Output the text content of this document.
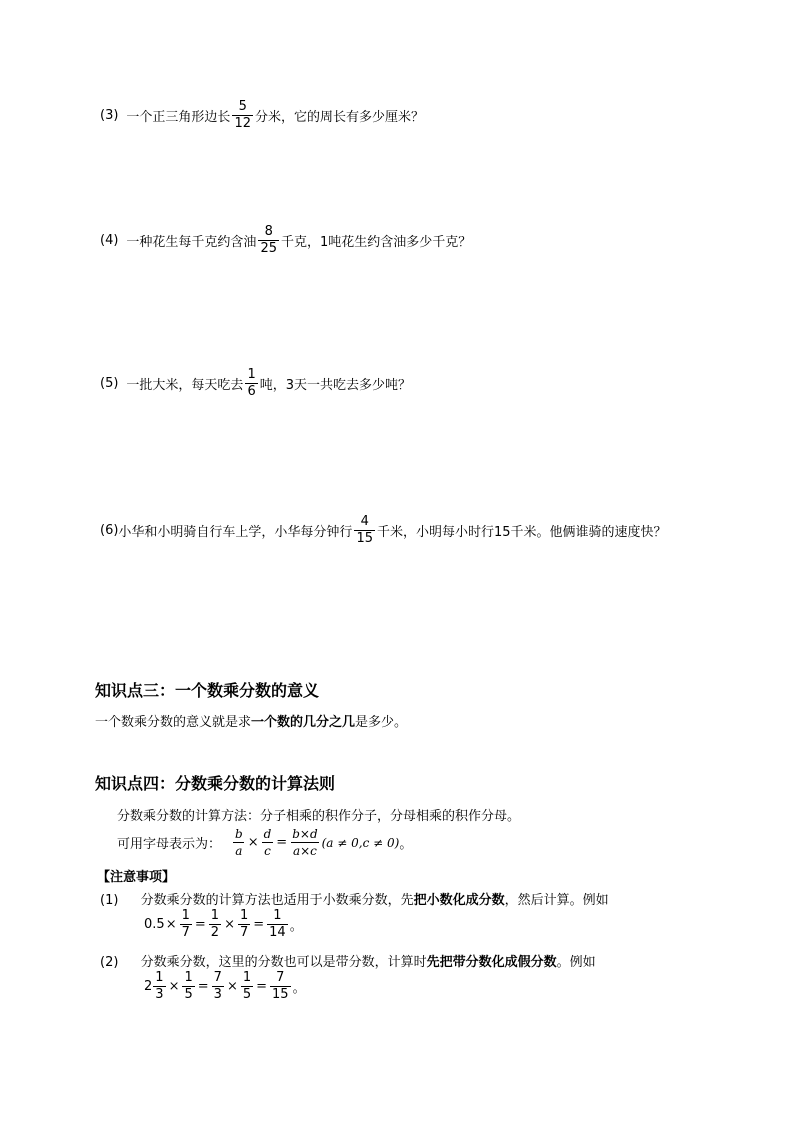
(3) 一个正三角形边长 $\frac{5}{12}$ 分米，它的周长有多少厘米？
(4) 一种花生每千克约含油 $\frac{8}{25}$ 千克，1吨花生约含油多少千克？
(5) 一批大米，每天吃去 $\frac{1}{6}$ 吨，3天一共吃去多少吨？
(6) 小华和小明骑自行车上学，小华每分钟行 $\frac{4}{15}$ 千米，小明每小时行15千米。他俩谁骑的速度快？
知识点三：一个数乘分数的意义
一个数乘分数的意义就是求一个数的几分之几是多少。
知识点四：分数乘分数的计算法则
分数乘分数的计算方法：分子相乘的积作分子，分母相乘的积作分母。
可用字母表示为： $\frac{b}{a} \times \frac{d}{c} = \frac{b\times d}{a\times c} (a \ne 0,c \ne 0)$ 。
【注意事项】
(1) 分数乘分数的计算方法也适用于小数乘分数，先把小数化成分数，然后计算。例如
$0.5 \times \frac{1}{7} = \frac{1}{2} \times \frac{1}{7} = \frac{1}{14}$ 。
(2) 分数乘分数，这里的分数也可以是带分数，计算时先把带分数化成假分数。例如
$2 \frac{1}{3} \times \frac{1}{5} = \frac{7}{3} \times \frac{1}{5} = \frac{7}{15}$ 。
